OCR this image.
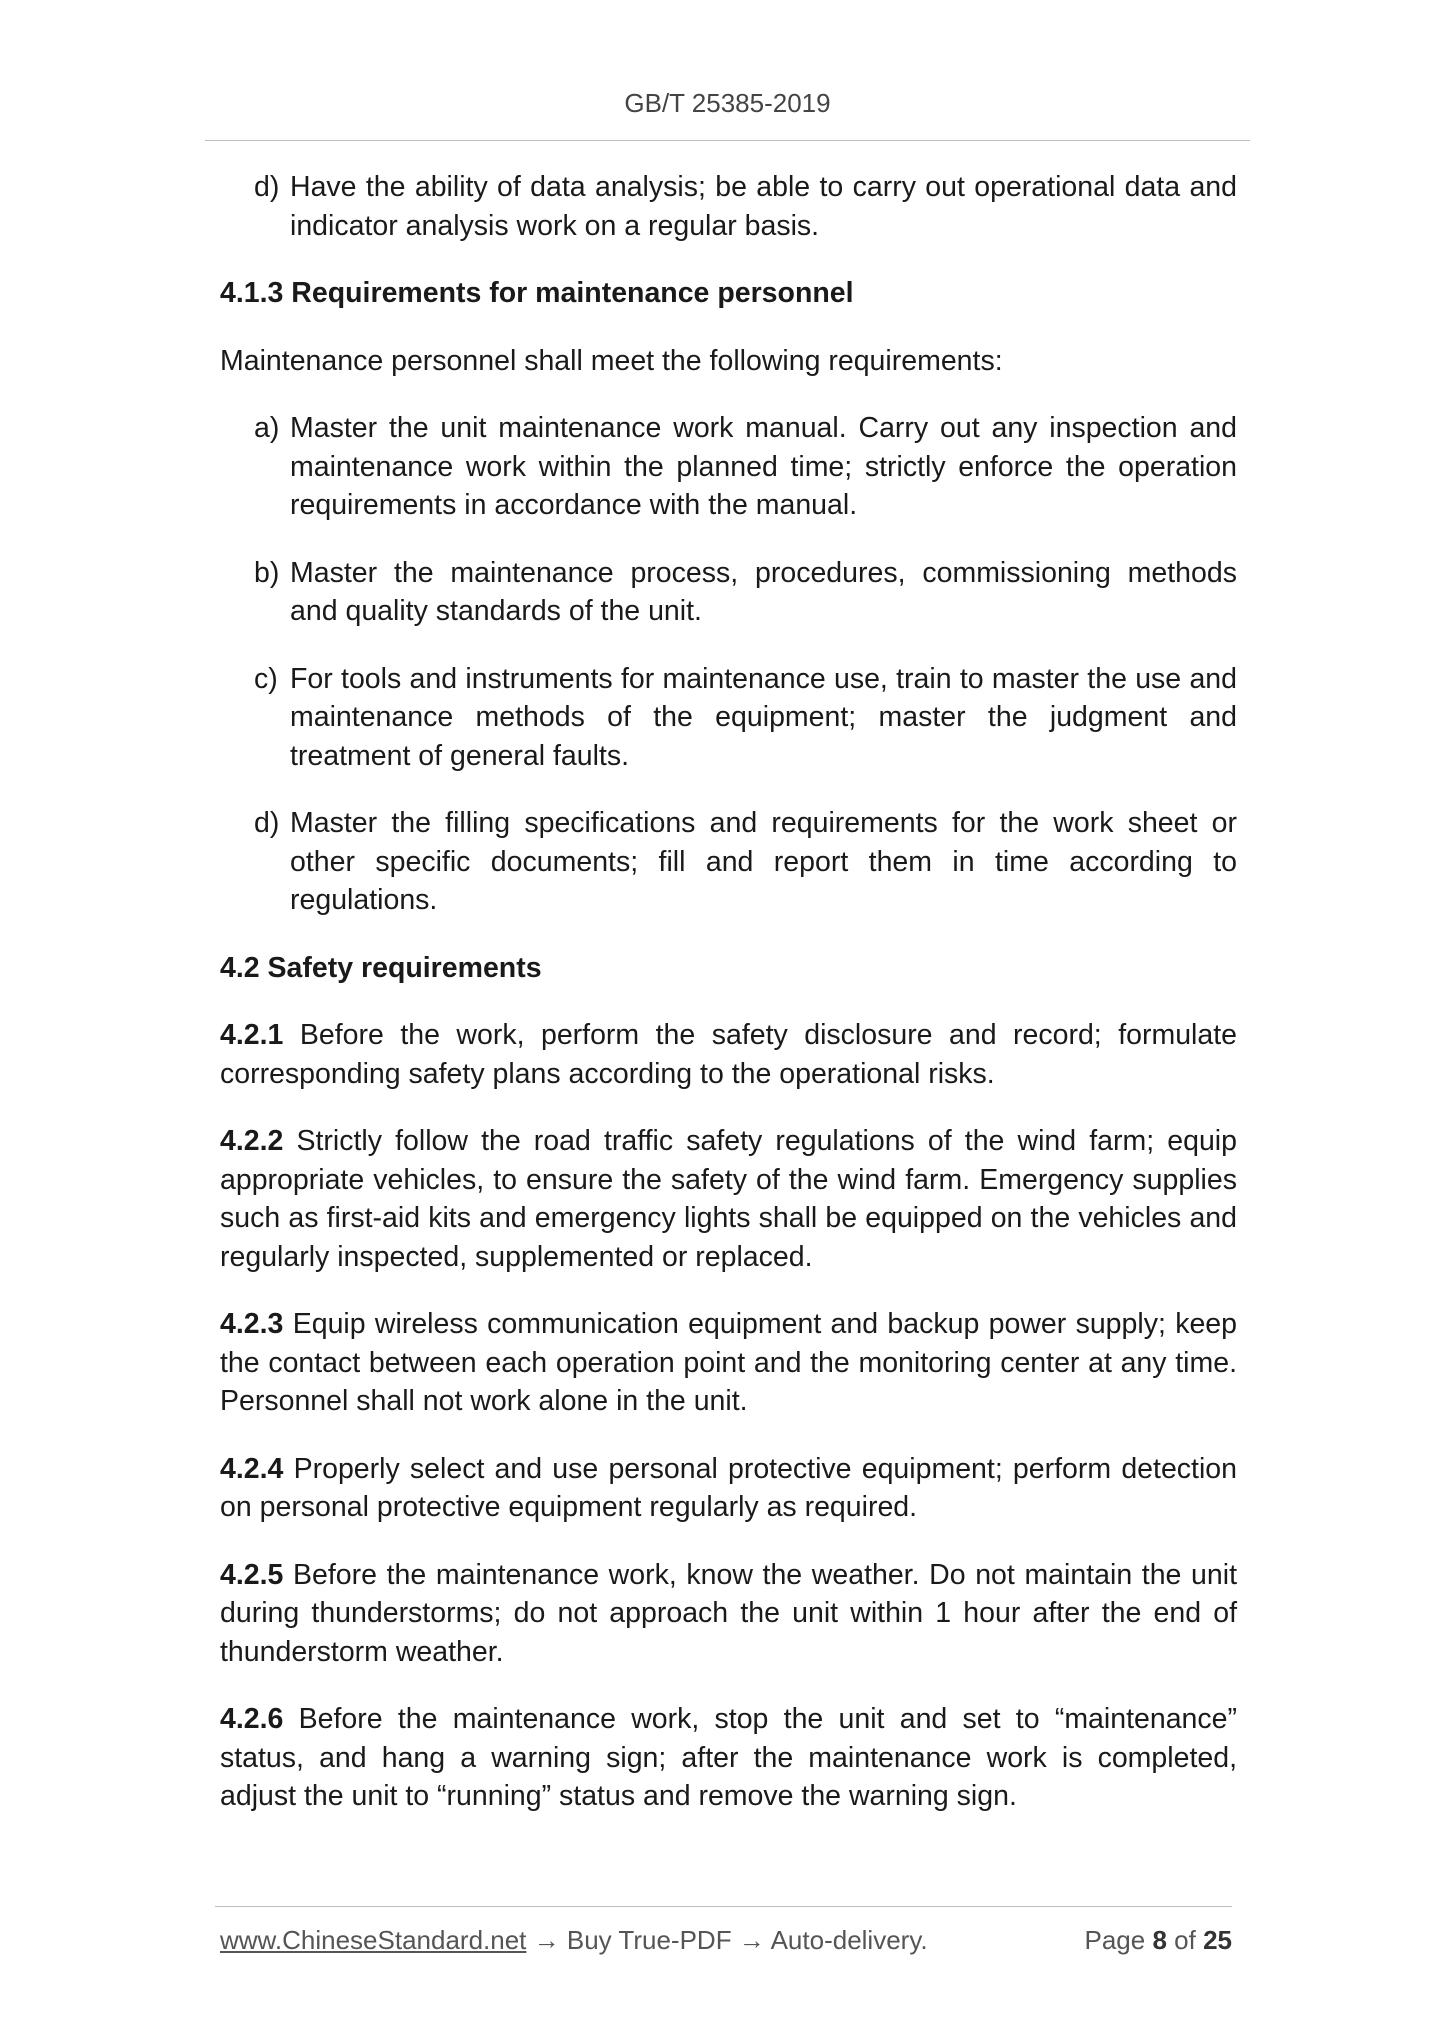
GB/T 25385-2019
d) Have the ability of data analysis; be able to carry out operational data and indicator analysis work on a regular basis.
4.1.3 Requirements for maintenance personnel
Maintenance personnel shall meet the following requirements:
a) Master the unit maintenance work manual. Carry out any inspection and maintenance work within the planned time; strictly enforce the operation requirements in accordance with the manual.
b) Master the maintenance process, procedures, commissioning methods and quality standards of the unit.
c) For tools and instruments for maintenance use, train to master the use and maintenance methods of the equipment; master the judgment and treatment of general faults.
d) Master the filling specifications and requirements for the work sheet or other specific documents; fill and report them in time according to regulations.
4.2 Safety requirements
4.2.1 Before the work, perform the safety disclosure and record; formulate corresponding safety plans according to the operational risks.
4.2.2 Strictly follow the road traffic safety regulations of the wind farm; equip appropriate vehicles, to ensure the safety of the wind farm. Emergency supplies such as first-aid kits and emergency lights shall be equipped on the vehicles and regularly inspected, supplemented or replaced.
4.2.3 Equip wireless communication equipment and backup power supply; keep the contact between each operation point and the monitoring center at any time. Personnel shall not work alone in the unit.
4.2.4 Properly select and use personal protective equipment; perform detection on personal protective equipment regularly as required.
4.2.5 Before the maintenance work, know the weather. Do not maintain the unit during thunderstorms; do not approach the unit within 1 hour after the end of thunderstorm weather.
4.2.6 Before the maintenance work, stop the unit and set to “maintenance” status, and hang a warning sign; after the maintenance work is completed, adjust the unit to “running” status and remove the warning sign.
www.ChineseStandard.net → Buy True-PDF → Auto-delivery.	Page 8 of 25
